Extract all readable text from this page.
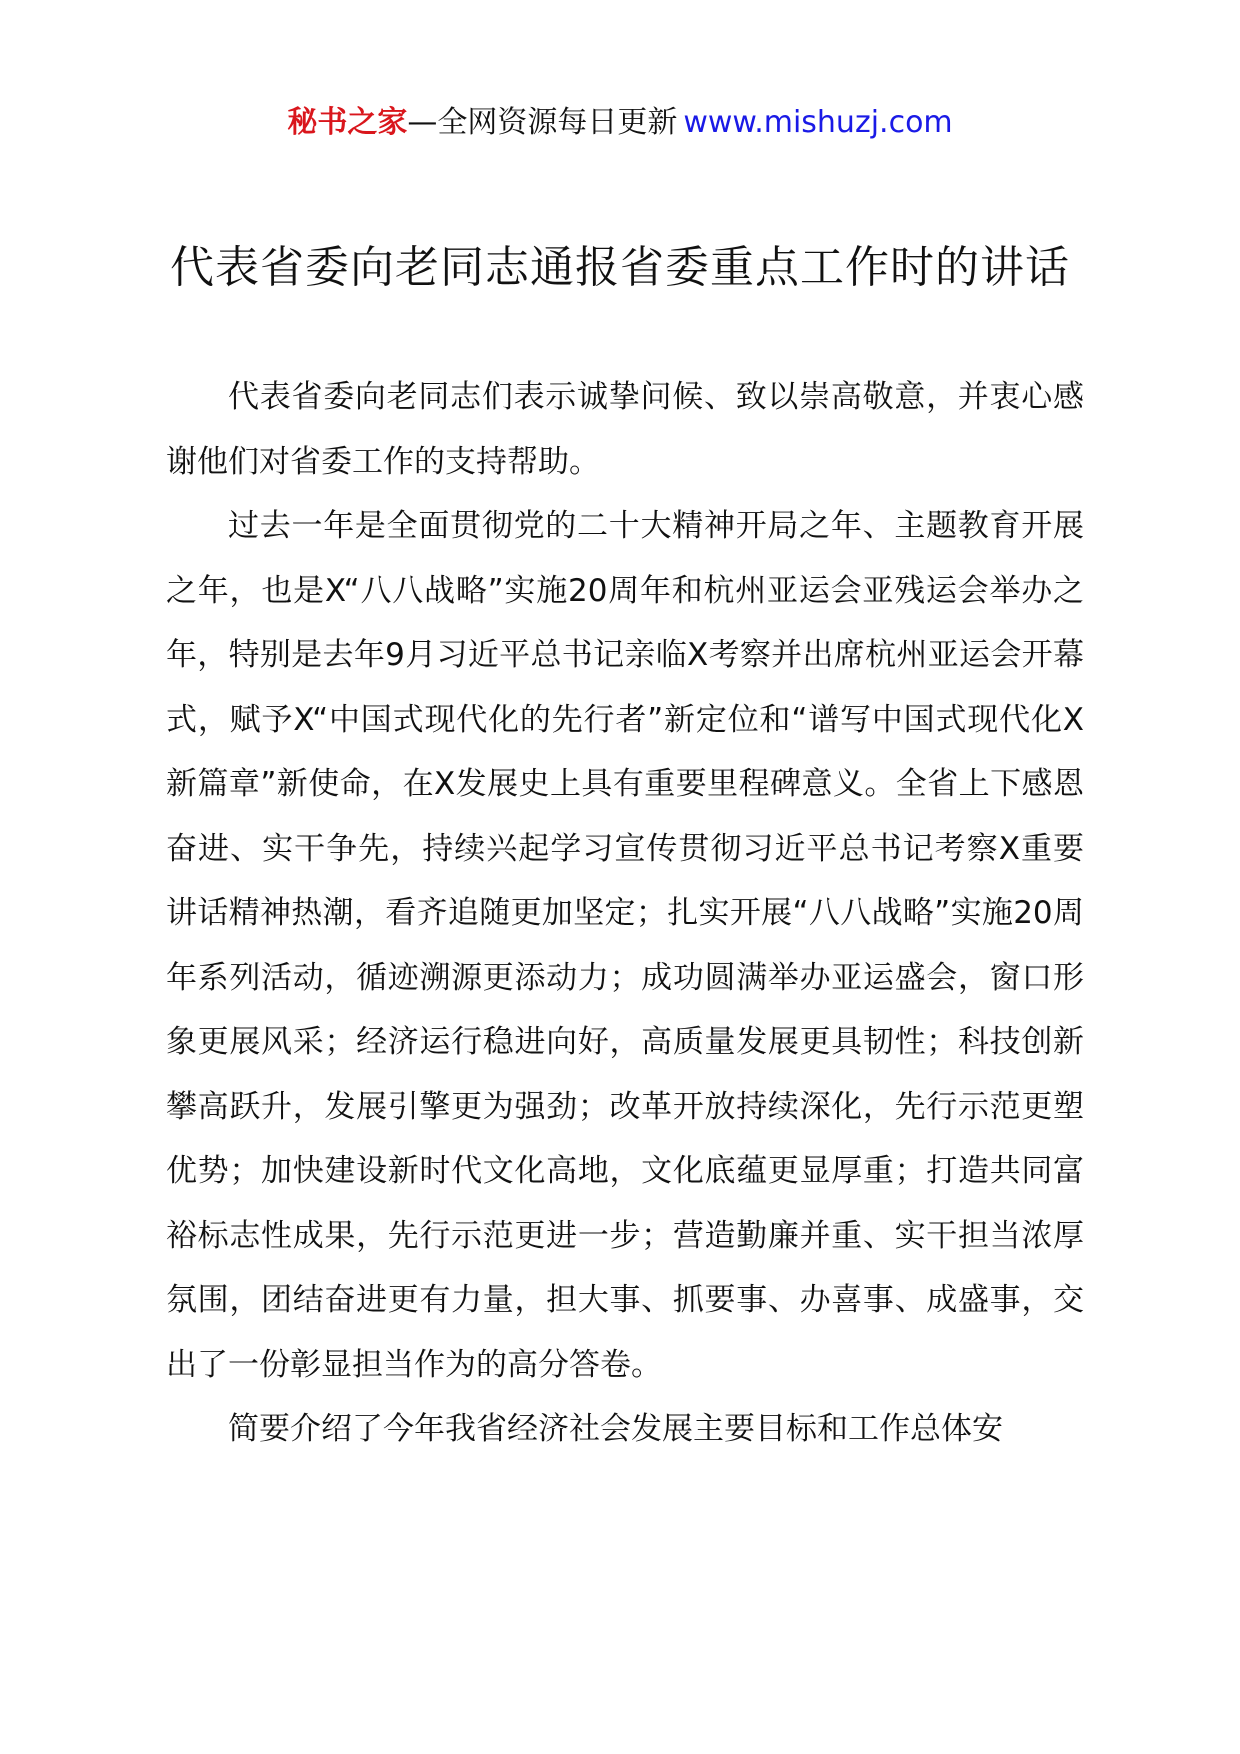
秘书之家—全网资源每日更新 www.mishuzj.com
代表省委向老同志通报省委重点工作时的讲话

代表省委向老同志们表示诚挚问候、致以崇高敬意，并衷心感谢他们对省委工作的支持帮助。

过去一年是全面贯彻党的二十大精神开局之年、主题教育开展之年，也是X“八八战略”实施20周年和杭州亚运会亚残运会举办之年，特别是去年9月习近平总书记亲临X考察并出席杭州亚运会开幕式，赋予X“中国式现代化的先行者”新定位和“谱写中国式现代化X新篇章”新使命，在X发展史上具有重要里程碑意义。全省上下感恩奋进、实干争先，持续兴起学习宣传贯彻习近平总书记考察X重要讲话精神热潮，看齐追随更加坚定；扎实开展“八八战略”实施20周年系列活动，循迹溯源更添动力；成功圆满举办亚运盛会，窗口形象更展风采；经济运行稳进向好，高质量发展更具韧性；科技创新攀高跃升，发展引擎更为强劲；改革开放持续深化，先行示范更塑优势；加快建设新时代文化高地，文化底蕴更显厚重；打造共同富裕标志性成果，先行示范更进一步；营造勤廉并重、实干担当浓厚氛围，团结奋进更有力量，担大事、抓要事、办喜事、成盛事，交出了一份彰显担当作为的高分答卷。

简要介绍了今年我省经济社会发展主要目标和工作总体安
